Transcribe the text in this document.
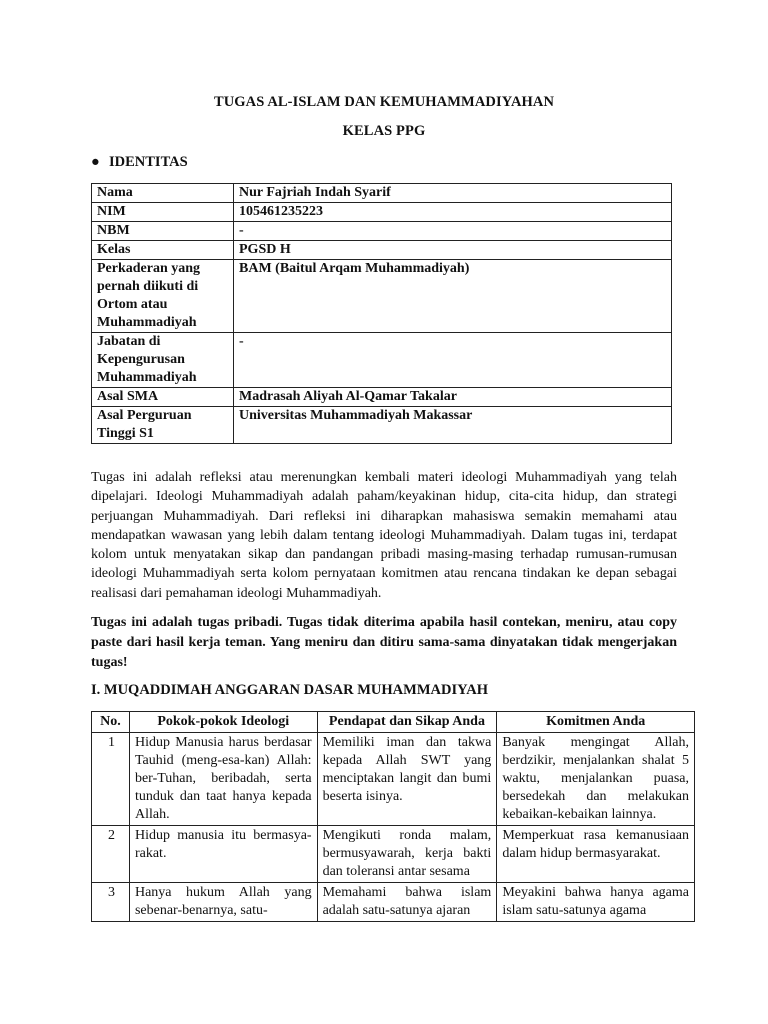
TUGAS AL-ISLAM DAN KEMUHAMMADIYAHAN
KELAS PPG
● IDENTITAS
Nama	Nur Fajriah Indah Syarif
NIM	105461235223
NBM	-
Kelas	PGSD H
Perkaderan yang pernah diikuti di Ortom atau Muhammadiyah	BAM (Baitul Arqam Muhammadiyah)
Jabatan di Kepengurusan Muhammadiyah	-
Asal SMA	Madrasah Aliyah Al-Qamar Takalar
Asal Perguruan Tinggi S1	Universitas Muhammadiyah Makassar
Tugas ini adalah refleksi atau merenungkan kembali materi ideologi Muhammadiyah yang telah dipelajari. Ideologi Muhammadiyah adalah paham/keyakinan hidup, cita-cita hidup, dan strategi perjuangan Muhammadiyah. Dari refleksi ini diharapkan mahasiswa semakin memahami atau mendapatkan wawasan yang lebih dalam tentang ideologi Muhammadiyah. Dalam tugas ini, terdapat kolom untuk menyatakan sikap dan pandangan pribadi masing-masing terhadap rumusan-rumusan ideologi Muhammadiyah serta kolom pernyataan komitmen atau rencana tindakan ke depan sebagai realisasi dari pemahaman ideologi Muhammadiyah.
Tugas ini adalah tugas pribadi. Tugas tidak diterima apabila hasil contekan, meniru, atau copy paste dari hasil kerja teman. Yang meniru dan ditiru sama-sama dinyatakan tidak mengerjakan tugas!
I. MUQADDIMAH ANGGARAN DASAR MUHAMMADIYAH
No.	Pokok-pokok Ideologi	Pendapat dan Sikap Anda	Komitmen Anda
1	Hidup Manusia harus berdasar Tauhid (meng-esa-kan) Allah: ber-Tuhan, beribadah, serta tunduk dan taat hanya kepada Allah.	Memiliki iman dan takwa kepada Allah SWT yang menciptakan langit dan bumi beserta isinya.	Banyak mengingat Allah, berdzikir, menjalankan shalat 5 waktu, menjalankan puasa, bersedekah dan melakukan kebaikan-kebaikan lainnya.
2	Hidup manusia itu bermasya-rakat.	Mengikuti ronda malam, bermusyawarah, kerja bakti dan toleransi antar sesama	Memperkuat rasa kemanusiaan dalam hidup bermasyarakat.
3	Hanya hukum Allah yang sebenar-benarnya, satu-	Memahami bahwa islam adalah satu-satunya ajaran	Meyakini bahwa hanya agama islam satu-satunya agama
